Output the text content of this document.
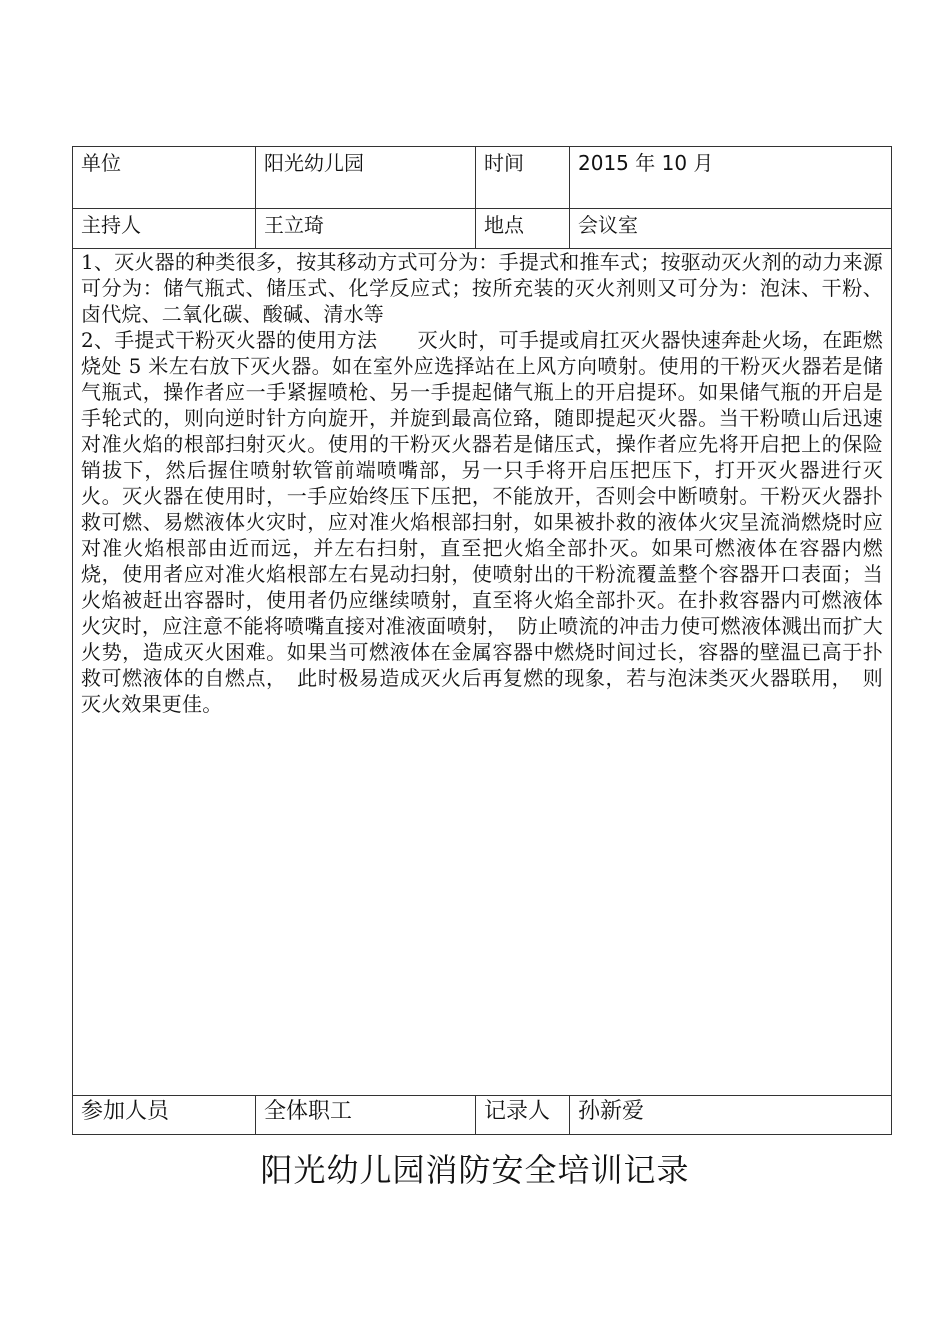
单位	阳光幼儿园	时间	2015 年 10 月
主持人	王立琦	地点	会议室

1、灭火器的种类很多，按其移动方式可分为：手提式和推车式；按驱动灭火剂的动力来源可分为：储气瓶式、储压式、化学反应式；按所充装的灭火剂则又可分为：泡沫、干粉、卤代烷、二氧化碳、酸碱、清水等

2、手提式干粉灭火器的使用方法　　灭火时，可手提或肩扛灭火器快速奔赴火场，在距燃烧处 5 米左右放下灭火器。如在室外应选择站在上风方向喷射。使用的干粉灭火器若是储气瓶式，操作者应一手紧握喷枪、另一手提起储气瓶上的开启提环。如果储气瓶的开启是手轮式的，则向逆时针方向旋开，并旋到最高位臵，随即提起灭火器。当干粉喷山后迅速对准火焰的根部扫射灭火。使用的干粉灭火器若是储压式，操作者应先将开启把上的保险销拔下，然后握住喷射软管前端喷嘴部，另一只手将开启压把压下，打开灭火器进行灭火。灭火器在使用时，一手应始终压下压把，不能放开，否则会中断喷射。干粉灭火器扑救可燃、易燃液体火灾时，应对准火焰根部扫射，如果被扑救的液体火灾呈流淌燃烧时应对准火焰根部由近而远，并左右扫射，直至把火焰全部扑灭。如果可燃液体在容器内燃烧，使用者应对准火焰根部左右晃动扫射，使喷射出的干粉流覆盖整个容器开口表面；当火焰被赶出容器时，使用者仍应继续喷射，直至将火焰全部扑灭。在扑救容器内可燃液体火灾时，应注意不能将喷嘴直接对准液面喷射，　防止喷流的冲击力使可燃液体溅出而扩大火势，造成灭火困难。如果当可燃液体在金属容器中燃烧时间过长，容器的壁温已高于扑救可燃液体的自燃点，　此时极易造成灭火后再复燃的现象，若与泡沫类灭火器联用，　则灭火效果更佳。			

参加人员	全体职工	记录人	孙新爱
阳光幼儿园消防安全培训记录
